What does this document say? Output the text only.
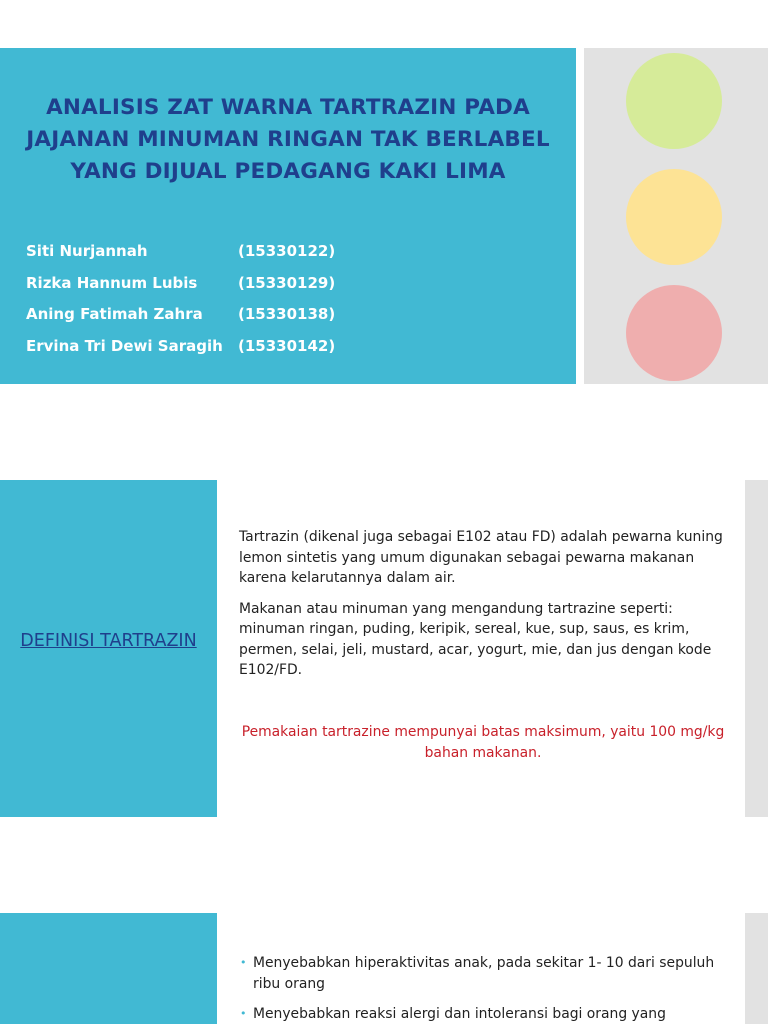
ANALISIS ZAT WARNA TARTRAZIN PADA JAJANAN MINUMAN RINGAN TAK BERLABEL YANG DIJUAL PEDAGANG KAKI LIMA
Siti Nurjannah	(15330122)
Rizka Hannum Lubis	(15330129)
Aning Fatimah Zahra (15330138)
Ervina Tri Dewi Saragih (15330142)
DEFINISI TARTRAZIN

Tartrazin (dikenal juga sebagai E102 atau FD) adalah pewarna kuning lemon sintetis yang umum digunakan sebagai pewarna makanan karena kelarutannya dalam air.

Makanan atau minuman yang mengandung tartrazine seperti: minuman ringan, puding, keripik, sereal, kue, sup, saus, es krim, permen, selai, jeli, mustard, acar, yogurt, mie, dan jus dengan kode E102/FD.

Pemakaian tartrazine mempunyai batas maksimum, yaitu 100 mg/kg bahan makanan.

• Menyebabkan hiperaktivitas anak, pada sekitar 1- 10 dari sepuluh ribu orang
• Menyebabkan reaksi alergi dan intoleransi bagi orang yang
